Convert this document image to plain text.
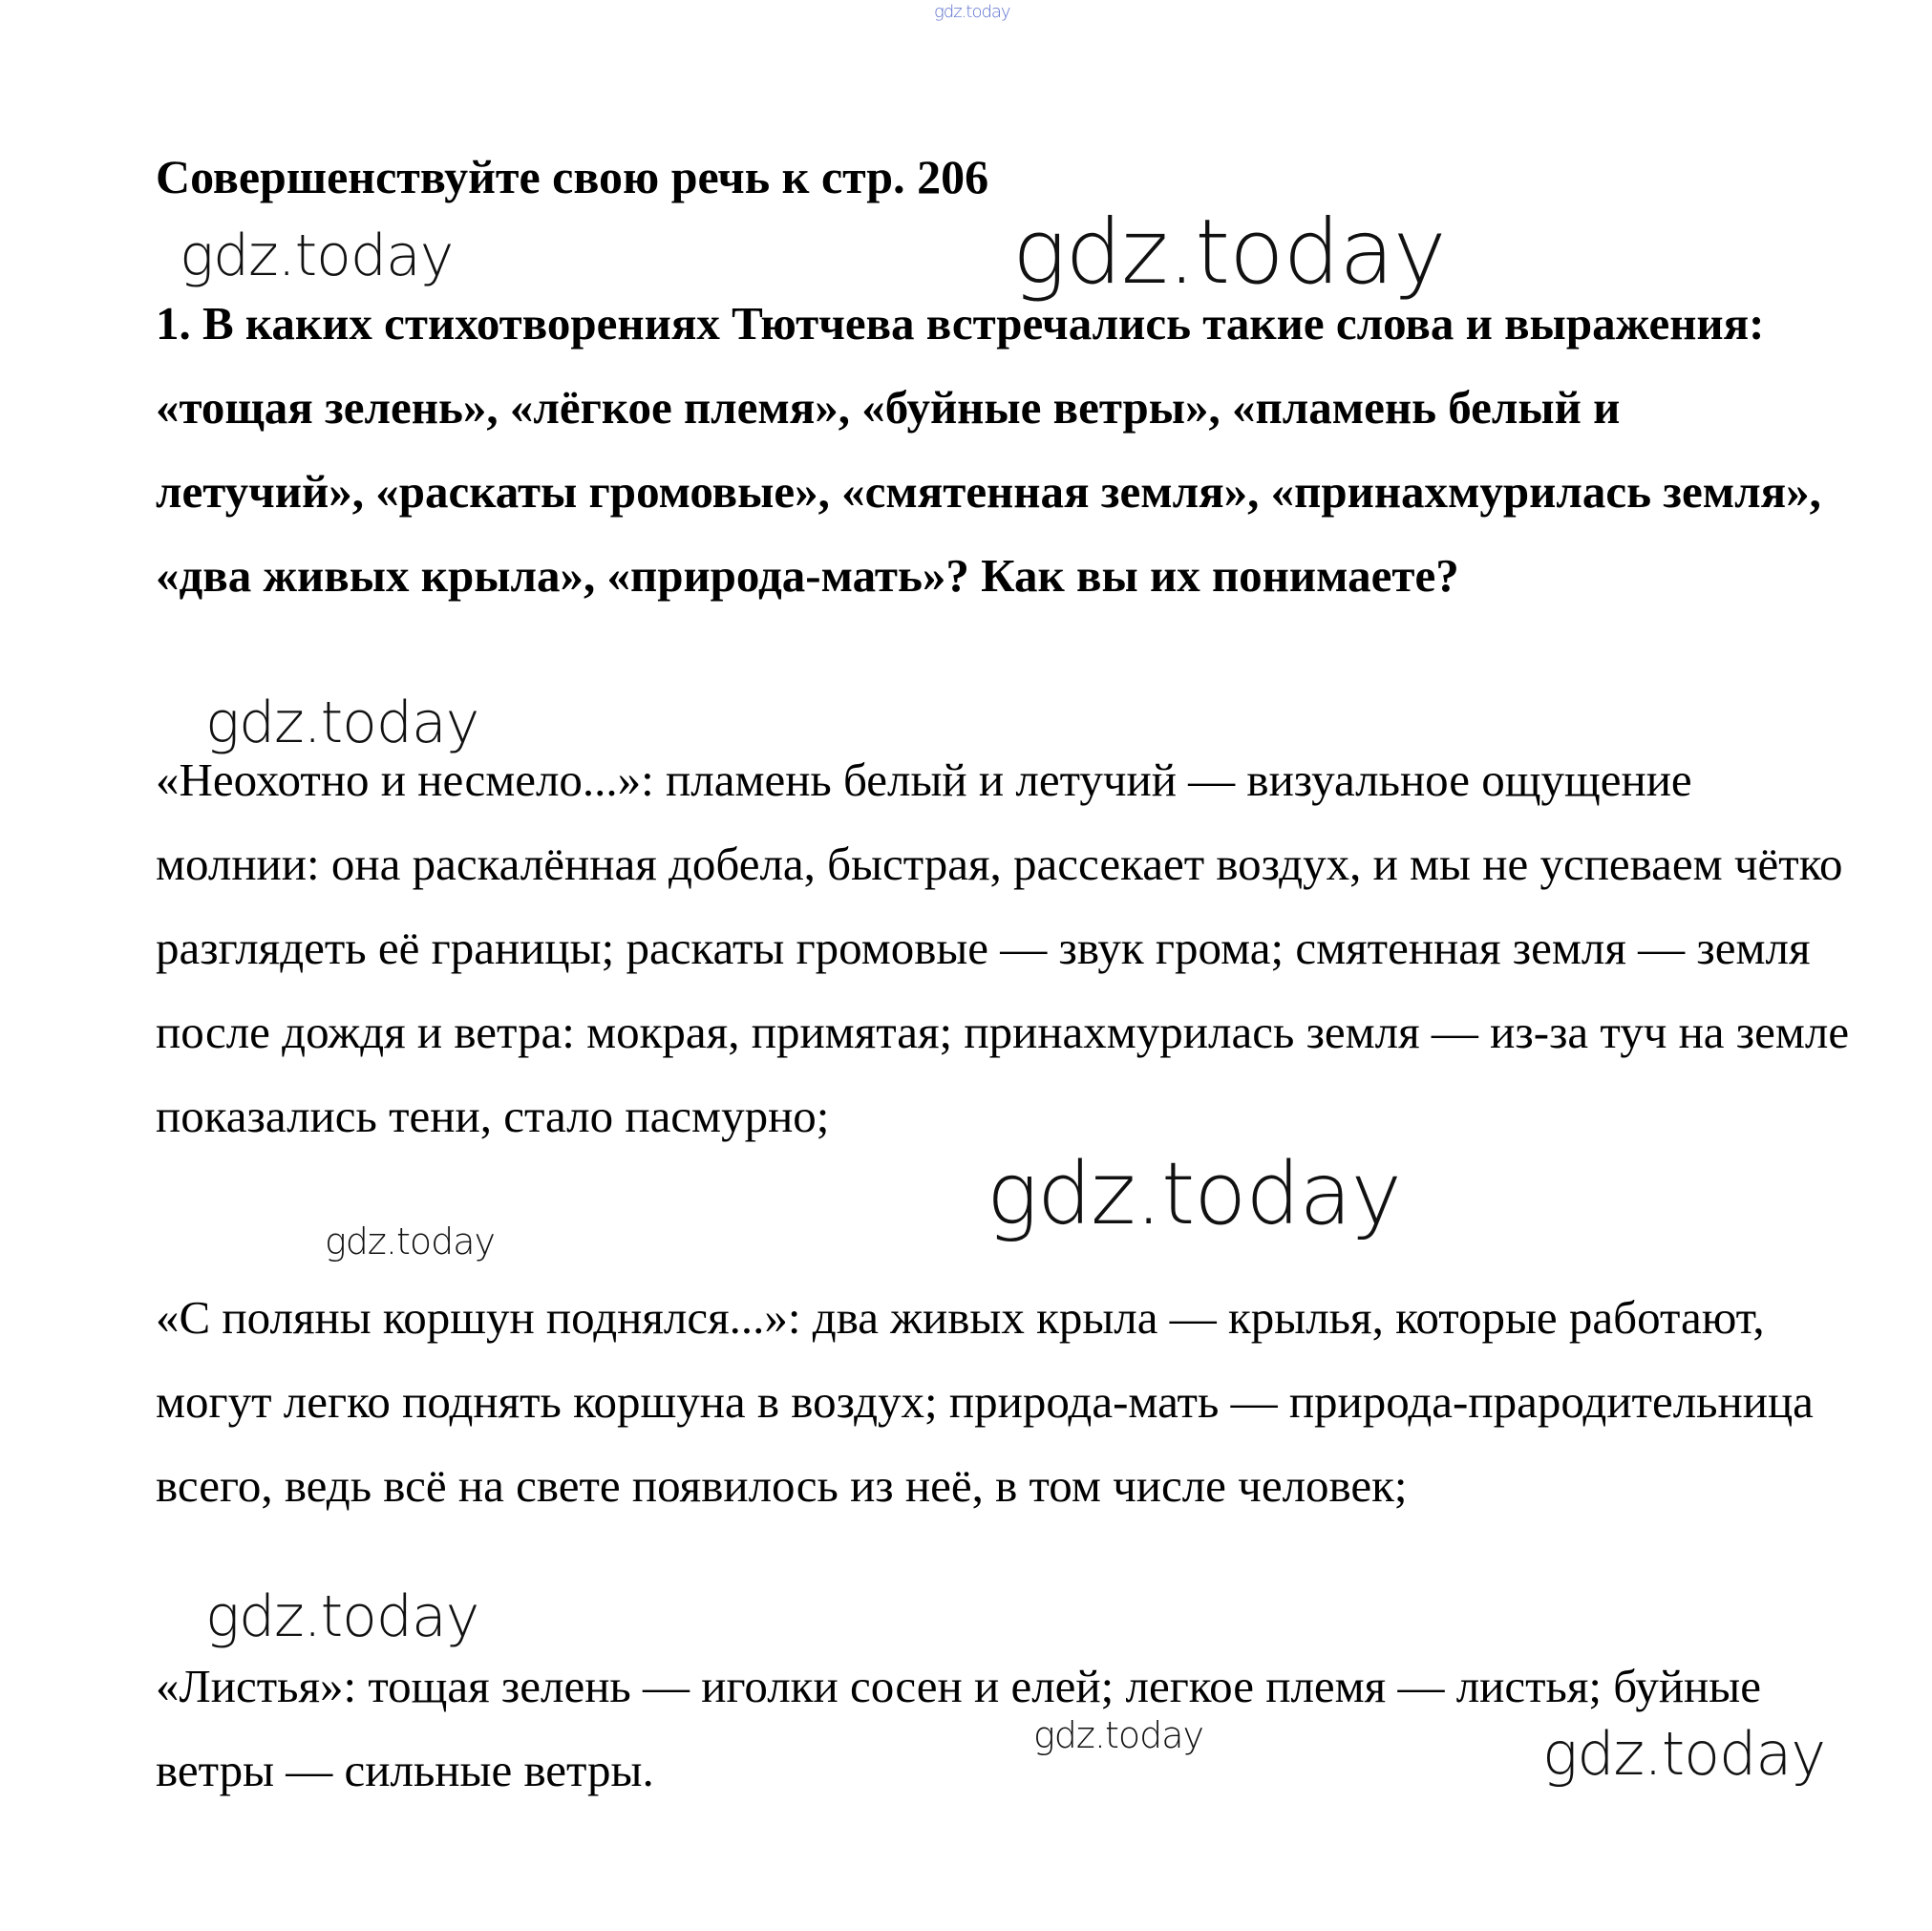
gdz.today
Совершенствуйте свою речь к стр. 206
gdz.today	gdz.today

1. В каких стихотворениях Тютчева встречались такие слова и выражения: «тощая зелень», «лёгкое племя», «буйные ветры», «пламень белый и летучий», «раскаты громовые», «смятенная земля», «принахмурилась земля», «два живых крыла», «природа-мать»? Как вы их понимаете?

gdz.today

«Неохотно и несмело...»: пламень белый и летучий — визуальное ощущение молнии: она раскалённая добела, быстрая, рассекает воздух, и мы не успеваем чётко разглядеть её границы; раскаты громовые — звук грома; смятенная земля — земля после дождя и ветра: мокрая, примятая; принахмурилась земля — из-за туч на земле показались тени, стало пасмурно;

gdz.today
gdz.today

«С поляны коршун поднялся...»: два живых крыла — крылья, которые работают, могут легко поднять коршуна в воздух; природа-мать — природа-прародительница всего, ведь всё на свете появилось из неё, в том числе человек;

gdz.today

«Листья»: тощая зелень — иголки сосен и елей; легкое племя — листья; буйные ветры — сильные ветры.

gdz.today	gdz.today
